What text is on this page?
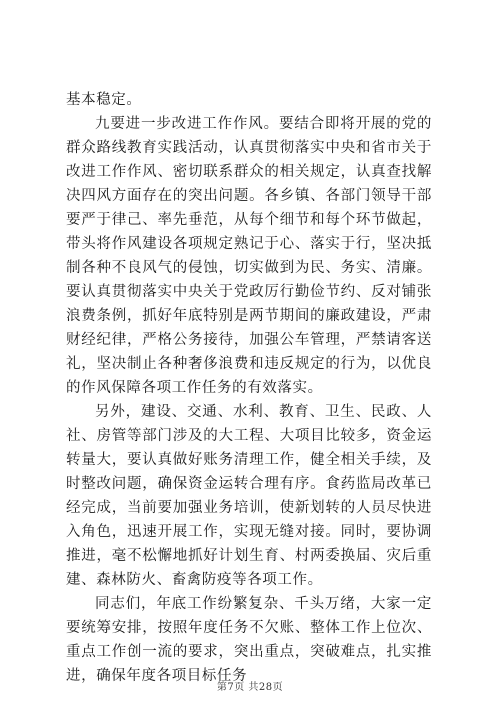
基本稳定。

九要进一步改进工作作风。要结合即将开展的党的群众路线教育实践活动，认真贯彻落实中央和省市关于改进工作作风、密切联系群众的相关规定，认真查找解决四风方面存在的突出问题。各乡镇、各部门领导干部要严于律己、率先垂范，从每个细节和每个环节做起，带头将作风建设各项规定熟记于心、落实于行，坚决抵制各种不良风气的侵蚀，切实做到为民、务实、清廉。要认真贯彻落实中央关于党政厉行勤俭节约、反对铺张浪费条例，抓好年底特别是两节期间的廉政建设，严肃财经纪律，严格公务接待，加强公车管理，严禁请客送礼，坚决制止各种奢侈浪费和违反规定的行为，以优良的作风保障各项工作任务的有效落实。

另外，建设、交通、水利、教育、卫生、民政、人社、房管等部门涉及的大工程、大项目比较多，资金运转量大，要认真做好账务清理工作，健全相关手续，及时整改问题，确保资金运转合理有序。食药监局改革已经完成，当前要加强业务培训，使新划转的人员尽快进入角色，迅速开展工作，实现无缝对接。同时，要协调推进，毫不松懈地抓好计划生育、村两委换届、灾后重建、森林防火、畜禽防疫等各项工作。

同志们，年底工作纷繁复杂、千头万绪，大家一定要统筹安排，按照年度任务不欠账、整体工作上位次、重点工作创一流的要求，突出重点，突破难点，扎实推进，确保年度各项目标任务

第7页 共28页
